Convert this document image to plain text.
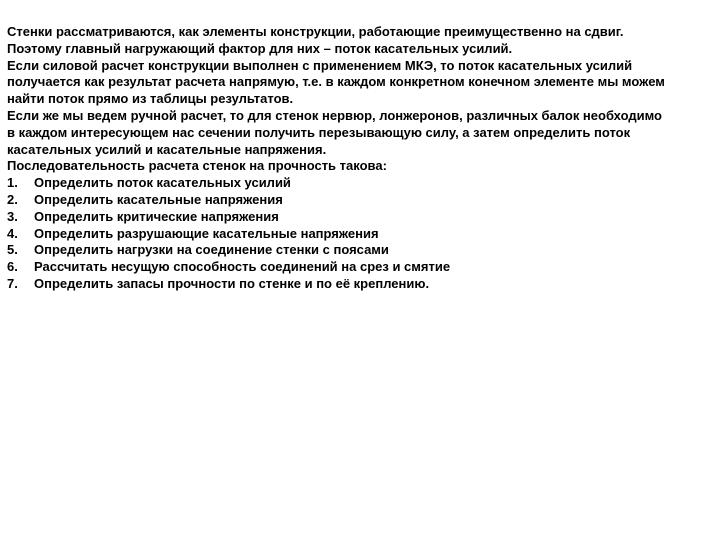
Стенки рассматриваются, как элементы конструкции, работающие преимущественно на сдвиг.
Поэтому главный нагружающий фактор для них – поток касательных усилий.
Если силовой расчет конструкции выполнен с применением МКЭ, то поток касательных усилий
получается как результат расчета напрямую, т.е. в каждом конкретном конечном элементе мы можем
найти поток прямо из таблицы результатов.
Если же мы ведем ручной расчет, то для стенок нервюр, лонжеронов, различных балок необходимо
в каждом интересующем нас сечении получить перезывающую силу, а затем определить поток
касательных усилий и касательные напряжения.
Последовательность расчета стенок на прочность такова:
1.	Определить поток касательных усилий
2.	Определить касательные напряжения
3.	Определить критические напряжения
4.	Определить разрушающие касательные напряжения
5.	Определить нагрузки на соединение стенки с поясами
6.	Рассчитать несущую способность соединений на срез и смятие
7.	Определить запасы прочности по стенке и по её креплению.
